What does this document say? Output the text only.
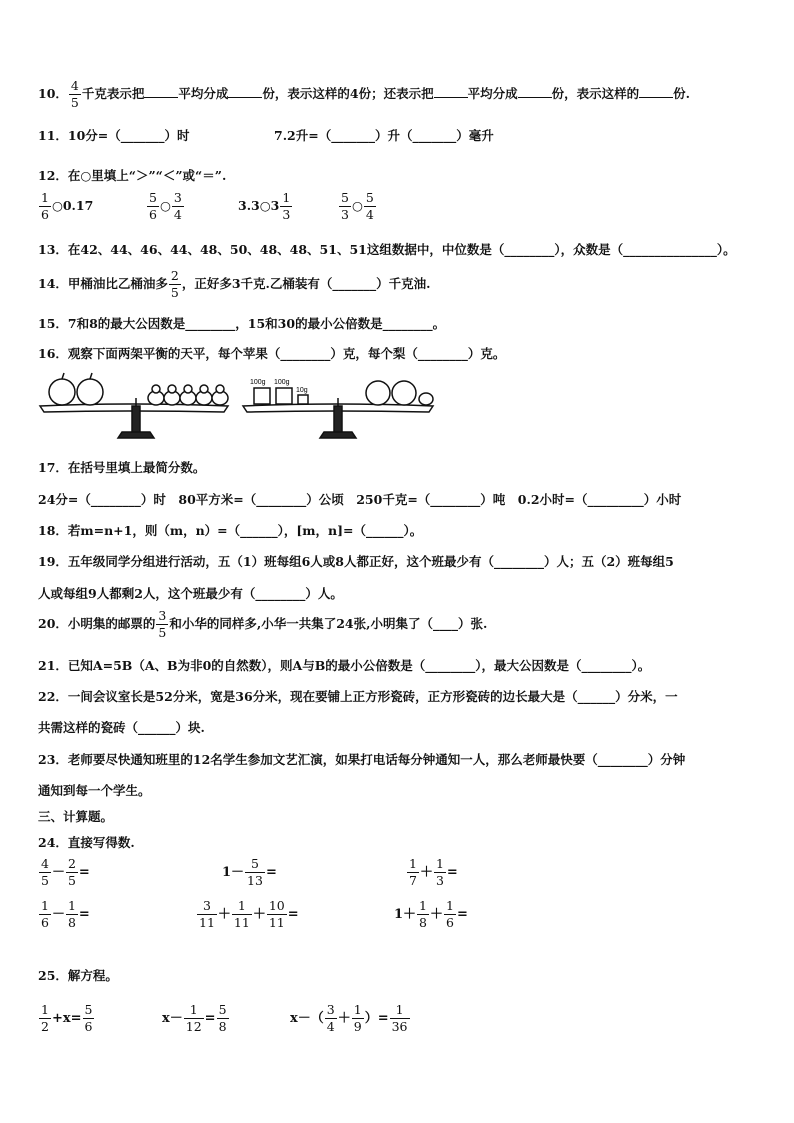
10． $\frac{4}{5}$ 千克表示把	平均分成	份，表示这样的4份；还表示把	平均分成	份，表示这样的	份.
11．10分=（_______）时	7.2升=（_______）升（_______）毫升
12．在○里填上“＞”“＜”或“＝”.
$\frac{1}{6}$ ○0.17	$\frac{5}{6}$ ○ $\frac{3}{4}$	3.3○3 $\frac{1}{3}$	$\frac{5}{3}$ ○ $\frac{5}{4}$
13．在42、44、46、44、48、50、48、48、51、51这组数据中，中位数是（________），众数是（_______________）。
14．甲桶油比乙桶油多 $\frac{2}{5}$ ，正好多3千克.乙桶装有（_______）千克油.
15．7和8的最大公因数是________，15和30的最小公倍数是________。
16．观察下面两架平衡的天平，每个苹果（________）克，每个梨（________）克。
100g 100g
10g
17．在括号里填上最简分数。
24分=（________）时　80平方米=（________）公顷　250千克=（________）吨　0.2小时=（_________）小时
18．若m=n+1，则（m，n）=（______），[m，n]=（______）。
19．五年级同学分组进行活动，五（1）班每组6人或8人都正好，这个班最少有（________）人；五（2）班每组5
人或每组9人都剩2人，这个班最少有（________）人。
20．小明集的邮票的 $\frac{3}{5}$ 和小华的同样多,小华一共集了24张,小明集了（____）张.
21．已知A=5B（A、B为非0的自然数），则A与B的最小公倍数是（________），最大公因数是（________）。
22．一间会议室长是52分米，宽是36分米，现在要铺上正方形瓷砖，正方形瓷砖的边长最大是（______）分米，一
共需这样的瓷砖（______）块.
23．老师要尽快通知班里的12名学生参加文艺汇演，如果打电话每分钟通知一人，那么老师最快要（________）分钟
通知到每一个学生。
三、计算题。
24．直接写得数.
$\frac{4}{5} - \frac{2}{5}$ =	$1- \frac{5}{13}$ =	$\frac{1}{7} + \frac{1}{3}$ =
$\frac{1}{6} - \frac{1}{8}$ =	$\frac{3}{11} + \frac{1}{11} + \frac{10}{11}$ =	$1+ \frac{1}{8} + \frac{1}{6}$ =
25．解方程。
$\frac{1}{2} +x= \frac{5}{6}$	$x- \frac{1}{12} = \frac{5}{8}$	$x-( \frac{3}{4} + \frac{1}{9}$ ）= $\frac{1}{36}$
